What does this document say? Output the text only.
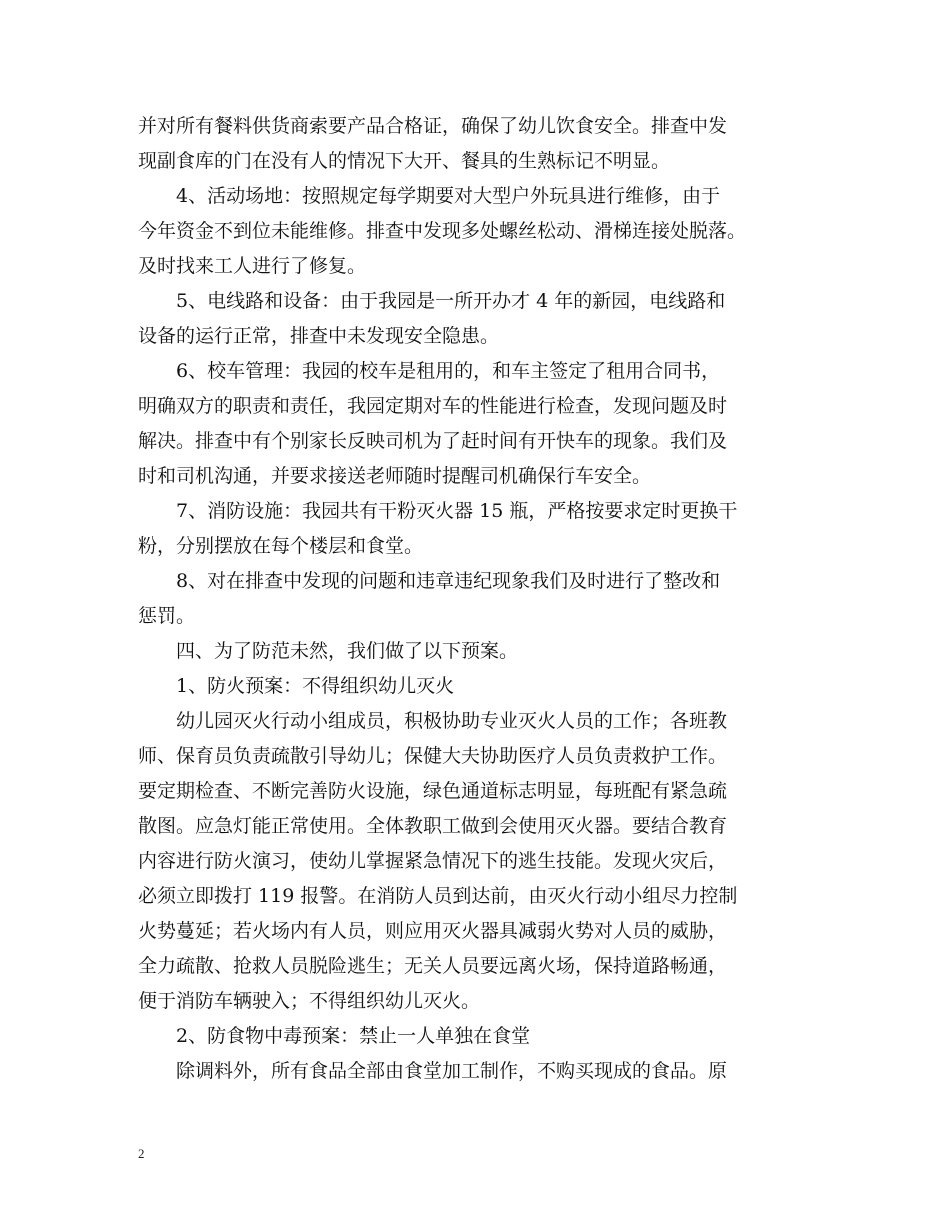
并对所有餐料供货商索要产品合格证，确保了幼儿饮食安全。排查中发
现副食库的门在没有人的情况下大开、餐具的生熟标记不明显。
4、活动场地：按照规定每学期要对大型户外玩具进行维修，由于
今年资金不到位未能维修。排查中发现多处螺丝松动、滑梯连接处脱落。
及时找来工人进行了修复。
5、电线路和设备：由于我园是一所开办才 4 年的新园，电线路和
设备的运行正常，排查中未发现安全隐患。
6、校车管理：我园的校车是租用的，和车主签定了租用合同书，
明确双方的职责和责任，我园定期对车的性能进行检查，发现问题及时
解决。排查中有个别家长反映司机为了赶时间有开快车的现象。我们及
时和司机沟通，并要求接送老师随时提醒司机确保行车安全。
7、消防设施：我园共有干粉灭火器 15 瓶，严格按要求定时更换干
粉，分别摆放在每个楼层和食堂。
8、对在排查中发现的问题和违章违纪现象我们及时进行了整改和
惩罚。
四、为了防范未然，我们做了以下预案。
1、防火预案：不得组织幼儿灭火
幼儿园灭火行动小组成员，积极协助专业灭火人员的工作；各班教
师、保育员负责疏散引导幼儿；保健大夫协助医疗人员负责救护工作。
要定期检查、不断完善防火设施，绿色通道标志明显，每班配有紧急疏
散图。应急灯能正常使用。全体教职工做到会使用灭火器。要结合教育
内容进行防火演习，使幼儿掌握紧急情况下的逃生技能。发现火灾后，
必须立即拨打 119 报警。在消防人员到达前，由灭火行动小组尽力控制
火势蔓延；若火场内有人员，则应用灭火器具减弱火势对人员的威胁，
全力疏散、抢救人员脱险逃生；无关人员要远离火场，保持道路畅通，
便于消防车辆驶入；不得组织幼儿灭火。
2、防食物中毒预案：禁止一人单独在食堂
除调料外，所有食品全部由食堂加工制作，不购买现成的食品。原
2
